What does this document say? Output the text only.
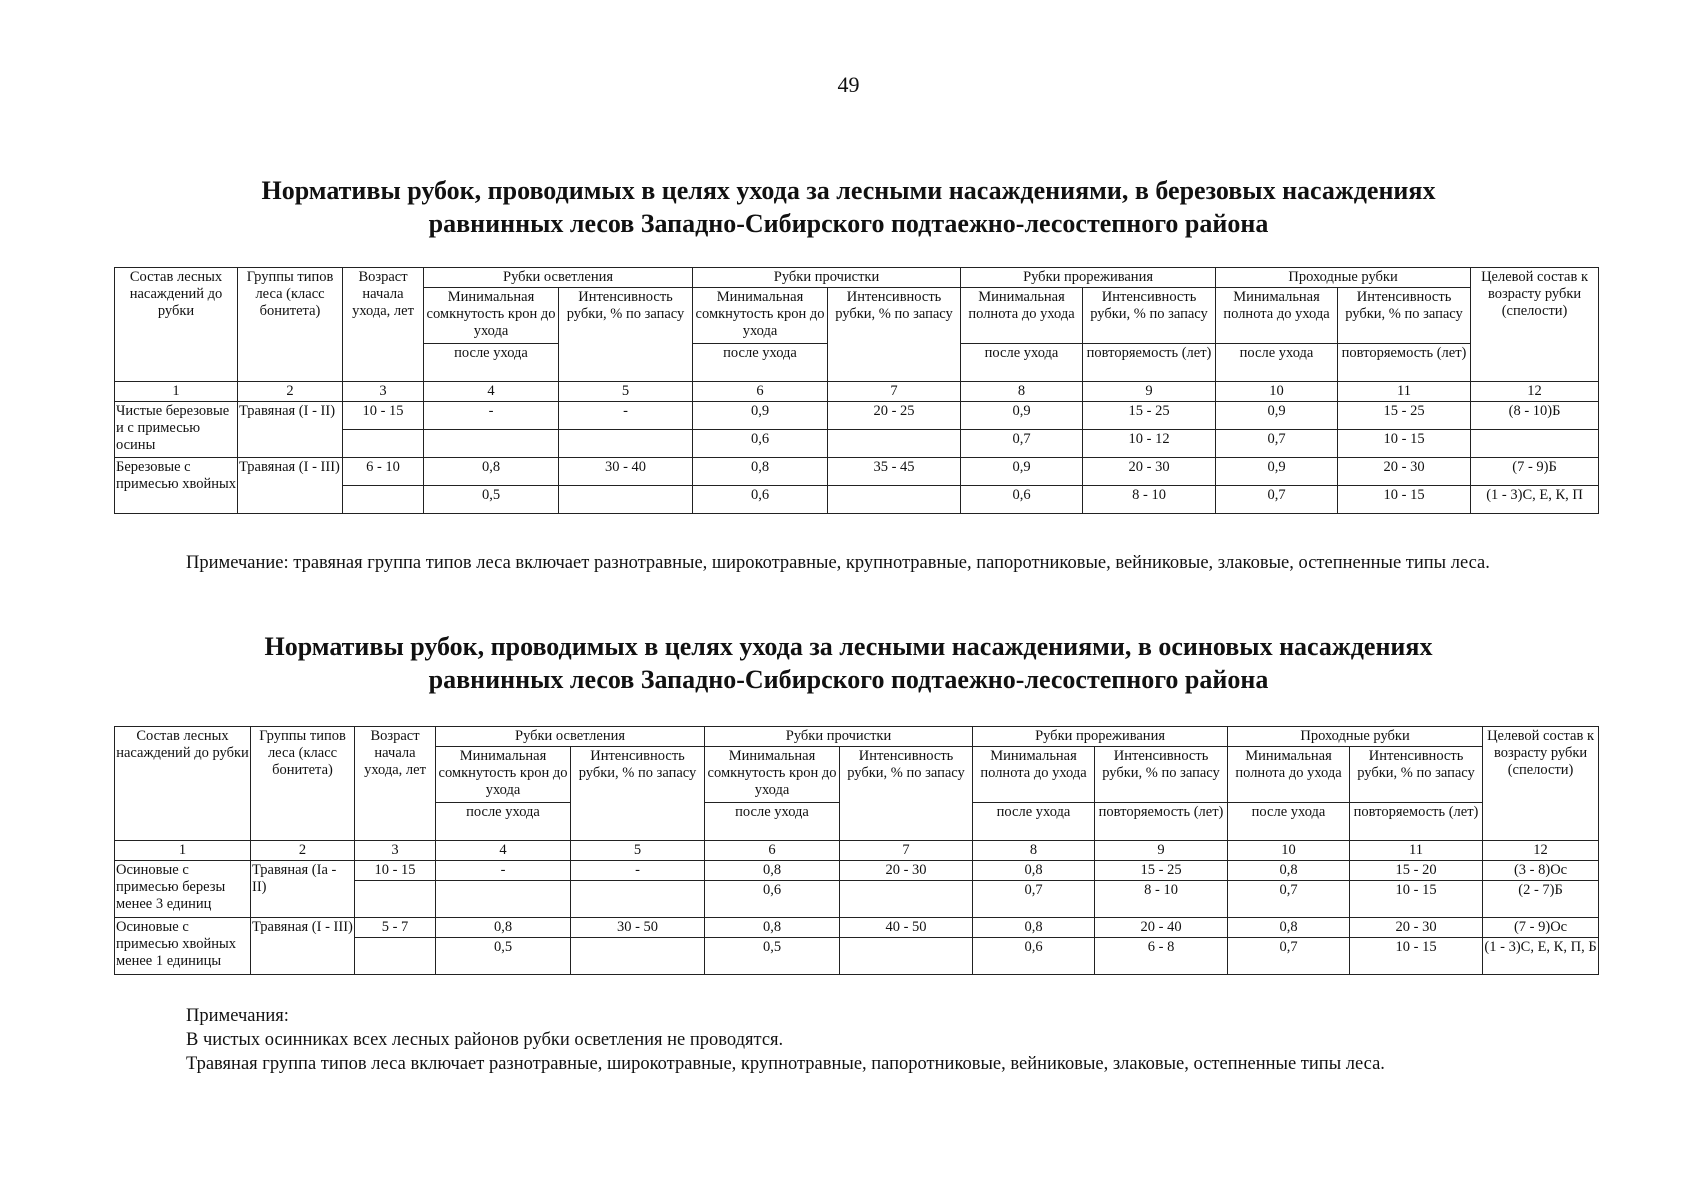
49
Нормативы рубок, проводимых в целях ухода за лесными насаждениями, в березовых насаждениях
равнинных лесов Западно-Сибирского подтаежно-лесостепного района
Состав лесных насаждений до рубки	Группы типов леса (класс бонитета)	Возраст начала ухода, лет	Рубки осветления		Рубки прочистки		Рубки прореживания		Проходные рубки		Целевой состав к возрасту рубки (спелости)
			Минимальная сомкнутость крон до ухода	Интенсивность рубки, % по запасу	Минимальная сомкнутость крон до ухода	Интенсивность рубки, % по запасу	Минимальная полнота до ухода	Интенсивность рубки, % по запасу	Минимальная полнота до ухода	Интенсивность рубки, % по запасу	
			после ухода		после ухода		после ухода	повторяемость (лет)	после ухода	повторяемость (лет)	
1	2	3	4	5	6	7	8	9	10	11	12
Чистые березовые и с примесью осины	Травяная (I - II)	10 - 15	-	-	0,9	20 - 25	0,9	15 - 25	0,9	15 - 25	(8 - 10)Б
					0,6		0,7	10 - 12	0,7	10 - 15	
Березовые с примесью хвойных	Травяная (I - III)	6 - 10	0,8	30 - 40	0,8	35 - 45	0,9	20 - 30	0,9	20 - 30	(7 - 9)Б
			0,5		0,6		0,6	8 - 10	0,7	10 - 15	(1 - 3)С, Е, К, П
Примечание: травяная группа типов леса включает разнотравные, широкотравные, крупнотравные, папоротниковые, вейниковые, злаковые, остепненные типы леса.
Нормативы рубок, проводимых в целях ухода за лесными насаждениями, в осиновых насаждениях
равнинных лесов Западно-Сибирского подтаежно-лесостепного района
Состав лесных насаждений до рубки	Группы типов леса (класс бонитета)	Возраст начала ухода, лет	Рубки осветления		Рубки прочистки		Рубки прореживания		Проходные рубки		Целевой состав к возрасту рубки (спелости)
			Минимальная сомкнутость крон до ухода	Интенсивность рубки, % по запасу	Минимальная сомкнутость крон до ухода	Интенсивность рубки, % по запасу	Минимальная полнота до ухода	Интенсивность рубки, % по запасу	Минимальная полнота до ухода	Интенсивность рубки, % по запасу	
			после ухода		после ухода		после ухода	повторяемость (лет)	после ухода	повторяемость (лет)	
1	2	3	4	5	6	7	8	9	10	11	12
Осиновые с примесью березы менее 3 единиц	Травяная (Iа - II)	10 - 15	-	-	0,8	20 - 30	0,8	15 - 25	0,8	15 - 20	(3 - 8)Ос
					0,6		0,7	8 - 10	0,7	10 - 15	(2 - 7)Б
Осиновые с примесью хвойных менее 1 единицы	Травяная (I - III)	5 - 7	0,8	30 - 50	0,8	40 - 50	0,8	20 - 40	0,8	20 - 30	(7 - 9)Ос
			0,5		0,5		0,6	6 - 8	0,7	10 - 15	(1 - 3)С, Е, К, П, Б
Примечания:
В чистых осинниках всех лесных районов рубки осветления не проводятся.
Травяная группа типов леса включает разнотравные, широкотравные, крупнотравные, папоротниковые, вейниковые, злаковые, остепненные типы леса.
